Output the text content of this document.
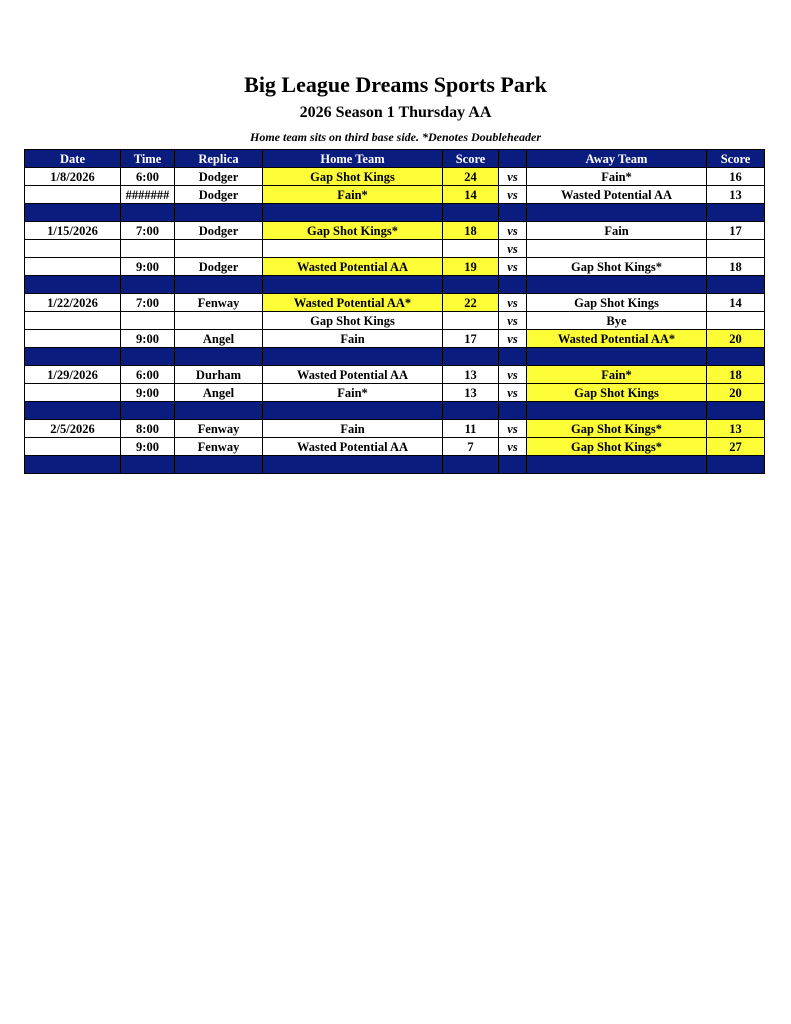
Big League Dreams Sports Park
2026 Season 1 Thursday AA
Home team sits on third base side. *Denotes Doubleheader
Date	Time	Replica	Home Team	Score		Away Team	Score
1/8/2026	6:00	Dodger	Gap Shot Kings	24	vs	Fain*	16
	#######	Dodger	Fain*	14	vs	Wasted Potential AA	13

1/15/2026	7:00	Dodger	Gap Shot Kings*	18	vs	Fain	17
					vs		
	9:00	Dodger	Wasted Potential AA	19	vs	Gap Shot Kings*	18

1/22/2026	7:00	Fenway	Wasted Potential AA*	22	vs	Gap Shot Kings	14
			Gap Shot Kings		vs	Bye	
	9:00	Angel	Fain	17	vs	Wasted Potential AA*	20

1/29/2026	6:00	Durham	Wasted Potential AA	13	vs	Fain*	18
	9:00	Angel	Fain*	13	vs	Gap Shot Kings	20

2/5/2026	8:00	Fenway	Fain	11	vs	Gap Shot Kings*	13
	9:00	Fenway	Wasted Potential AA	7	vs	Gap Shot Kings*	27
